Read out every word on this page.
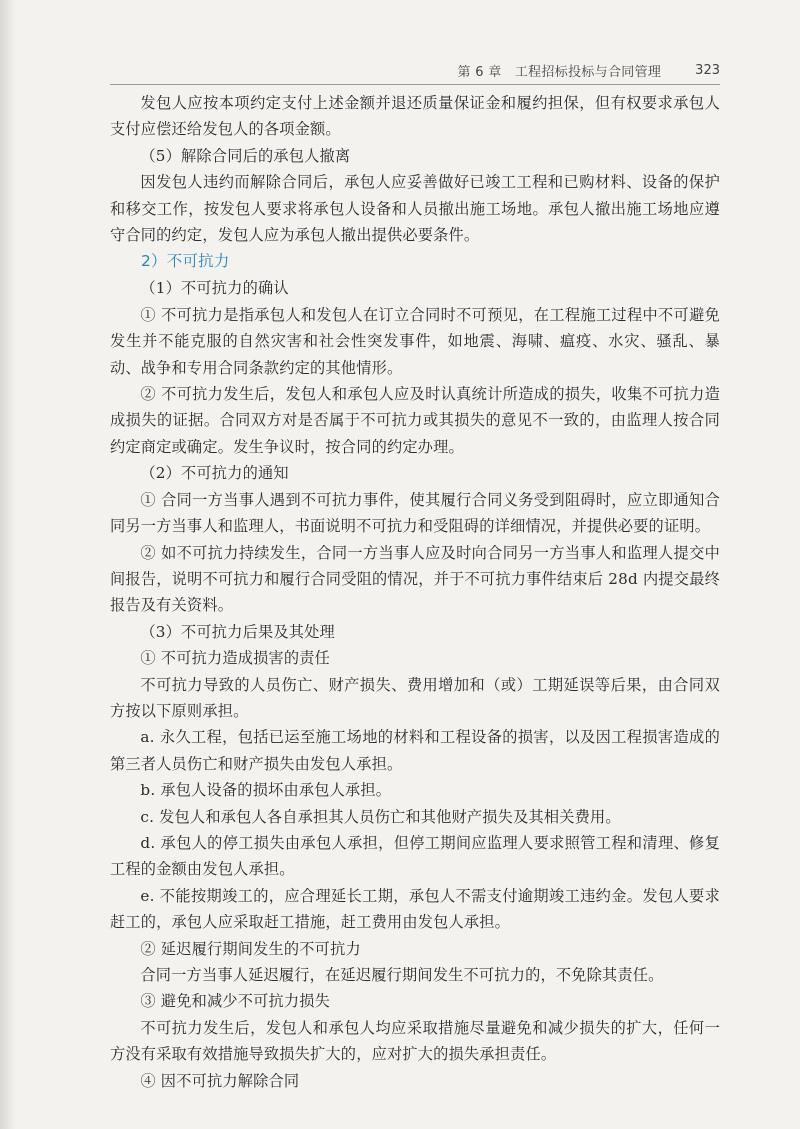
第 6 章　工程招标投标与合同管理	323

发包人应按本项约定支付上述金额并退还质量保证金和履约担保，但有权要求承包人支付应偿还给发包人的各项金额。

（5）解除合同后的承包人撤离

因发包人违约而解除合同后，承包人应妥善做好已竣工工程和已购材料、设备的保护和移交工作，按发包人要求将承包人设备和人员撤出施工场地。承包人撤出施工场地应遵守合同的约定，发包人应为承包人撤出提供必要条件。

2）不可抗力

（1）不可抗力的确认

① 不可抗力是指承包人和发包人在订立合同时不可预见，在工程施工过程中不可避免发生并不能克服的自然灾害和社会性突发事件，如地震、海啸、瘟疫、水灾、骚乱、暴动、战争和专用合同条款约定的其他情形。

② 不可抗力发生后，发包人和承包人应及时认真统计所造成的损失，收集不可抗力造成损失的证据。合同双方对是否属于不可抗力或其损失的意见不一致的，由监理人按合同约定商定或确定。发生争议时，按合同的约定办理。

（2）不可抗力的通知

① 合同一方当事人遇到不可抗力事件，使其履行合同义务受到阻碍时，应立即通知合同另一方当事人和监理人，书面说明不可抗力和受阻碍的详细情况，并提供必要的证明。

② 如不可抗力持续发生，合同一方当事人应及时向合同另一方当事人和监理人提交中间报告，说明不可抗力和履行合同受阻的情况，并于不可抗力事件结束后 28d 内提交最终报告及有关资料。

（3）不可抗力后果及其处理

① 不可抗力造成损害的责任

不可抗力导致的人员伤亡、财产损失、费用增加和（或）工期延误等后果，由合同双方按以下原则承担。

a. 永久工程，包括已运至施工场地的材料和工程设备的损害，以及因工程损害造成的第三者人员伤亡和财产损失由发包人承担。

b. 承包人设备的损坏由承包人承担。

c. 发包人和承包人各自承担其人员伤亡和其他财产损失及其相关费用。

d. 承包人的停工损失由承包人承担，但停工期间应监理人要求照管工程和清理、修复工程的金额由发包人承担。

e. 不能按期竣工的，应合理延长工期，承包人不需支付逾期竣工违约金。发包人要求赶工的，承包人应采取赶工措施，赶工费用由发包人承担。

② 延迟履行期间发生的不可抗力

合同一方当事人延迟履行，在延迟履行期间发生不可抗力的，不免除其责任。

③ 避免和减少不可抗力损失

不可抗力发生后，发包人和承包人均应采取措施尽量避免和减少损失的扩大，任何一方没有采取有效措施导致损失扩大的，应对扩大的损失承担责任。

④ 因不可抗力解除合同
